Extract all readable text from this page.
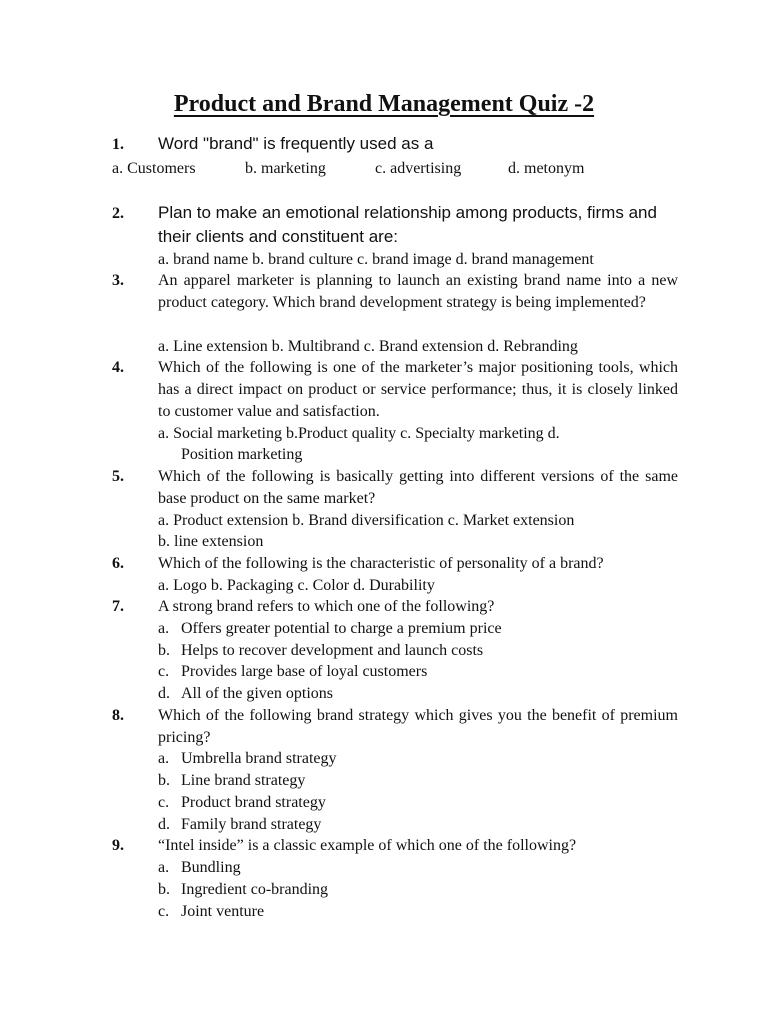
Product and Brand Management Quiz -2

1. Word "brand" is frequently used as a

a. Customers	b. marketing	c. advertising	d. metonym

2. Plan to make an emotional relationship among products, firms and

their clients and constituent are:

a. brand name b. brand culture c. brand image d. brand management

3. An apparel marketer is planning to launch an existing brand name into a new product category. Which brand development strategy is being implemented?

a. Line extension b. Multibrand c. Brand extension d. Rebranding

4. Which of the following is one of the marketer’s major positioning tools, which has a direct impact on product or service performance; thus, it is closely linked to customer value and satisfaction.

a. Social marketing b.Product quality c. Specialty marketing d.

Position marketing

5. Which of the following is basically getting into different versions of the same base product on the same market?

a. Product extension b. Brand diversification c. Market extension

b. line extension

6. Which of the following is the characteristic of personality of a brand?

a. Logo b. Packaging c. Color d. Durability

7. A strong brand refers to which one of the following?

a. Offers greater potential to charge a premium price

b. Helps to recover development and launch costs

c. Provides large base of loyal customers

d. All of the given options

8. Which of the following brand strategy which gives you the benefit of premium pricing?

a. Umbrella brand strategy

b. Line brand strategy

c. Product brand strategy

d. Family brand strategy

9. “Intel inside” is a classic example of which one of the following?

a. Bundling

b. Ingredient co-branding

c. Joint venture
